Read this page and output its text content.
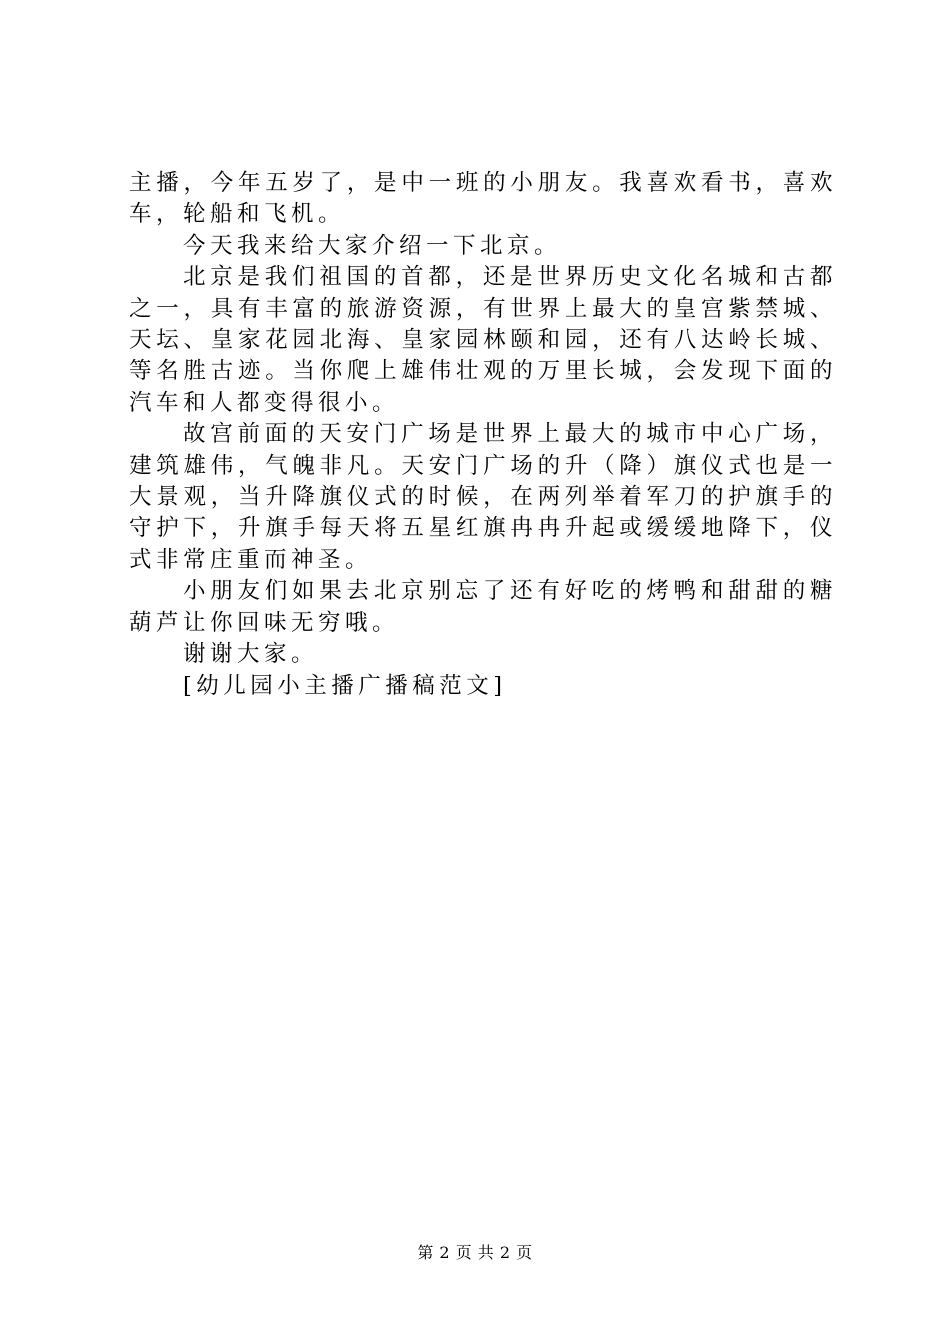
主播，今年五岁了，是中一班的小朋友。我喜欢看书，喜欢车，轮船和飞机。

今天我来给大家介绍一下北京。

北京是我们祖国的首都，还是世界历史文化名城和古都之一，具有丰富的旅游资源，有世界上最大的皇宫紫禁城、天坛、皇家花园北海、皇家园林颐和园，还有八达岭长城、等名胜古迹。当你爬上雄伟壮观的万里长城，会发现下面的汽车和人都变得很小。

故宫前面的天安门广场是世界上最大的城市中心广场，建筑雄伟，气魄非凡。天安门广场的升（降）旗仪式也是一大景观，当升降旗仪式的时候，在两列举着军刀的护旗手的守护下，升旗手每天将五星红旗冉冉升起或缓缓地降下，仪式非常庄重而神圣。

小朋友们如果去北京别忘了还有好吃的烤鸭和甜甜的糖葫芦让你回味无穷哦。

谢谢大家。

[幼儿园小主播广播稿范文]

第 2 页 共 2 页
